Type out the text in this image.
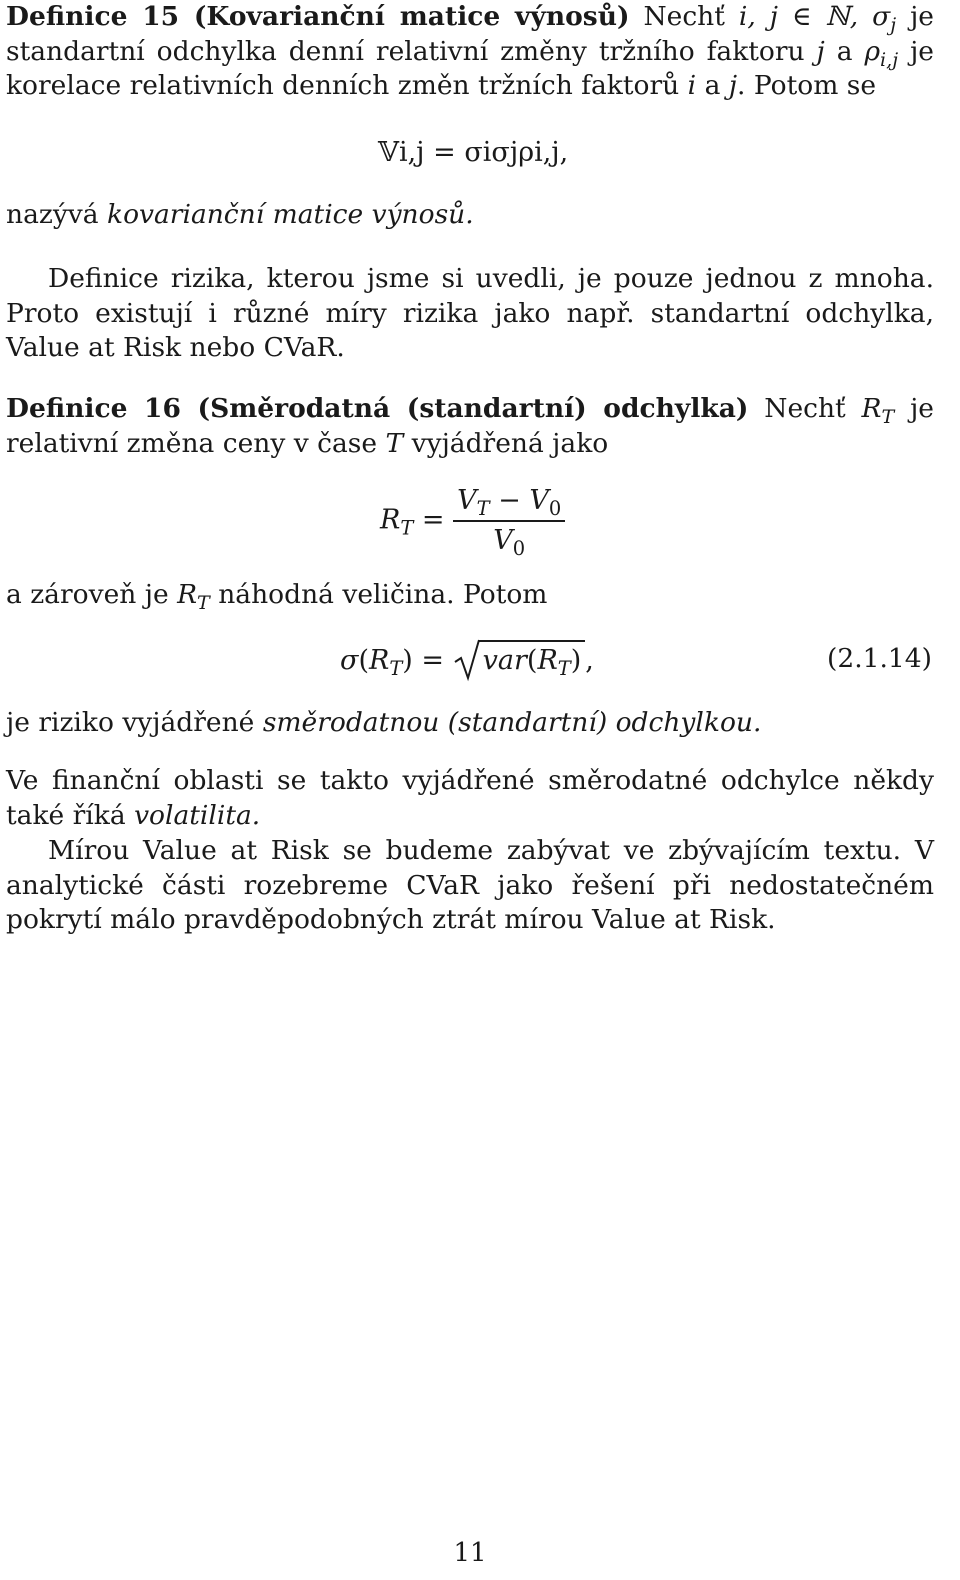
Definice 15 (Kovarianční matice výnosů) Nechť i, j ∈ ℕ, $\sigma_j$ je standartní odchylka denní relativní změny tržního faktoru j a $\rho_{i,j}$ je korelace relativních denních změn tržních faktorů i a j. Potom se

𝕍i,j = σiσjρi,j,

nazývá kovarianční matice výnosů.

Definice rizika, kterou jsme si uvedli, je pouze jednou z mnoha. Proto existují i různé míry rizika jako např. standartní odchylka, Value at Risk nebo CVaR.

Definice 16 (Směrodatná (standartní) odchylka) Nechť $R_T$ je relativní změna ceny v čase T vyjádřená jako

$R_T = \frac{V_T - V_0}{V_0}$

a zároveň je $R_T$ náhodná veličina. Potom

$\sigma(R_T)$ =
$var(R_T)$ ,	(2.1.14)

je riziko vyjádřené směrodatnou (standartní) odchylkou.

Ve finanční oblasti se takto vyjádřené směrodatné odchylce někdy také říká volatilita.

Mírou Value at Risk se budeme zabývat ve zbývajícím textu. V analytické části rozebreme CVaR jako řešení při nedostatečném pokrytí málo pravděpodobných ztrát mírou Value at Risk.

11
